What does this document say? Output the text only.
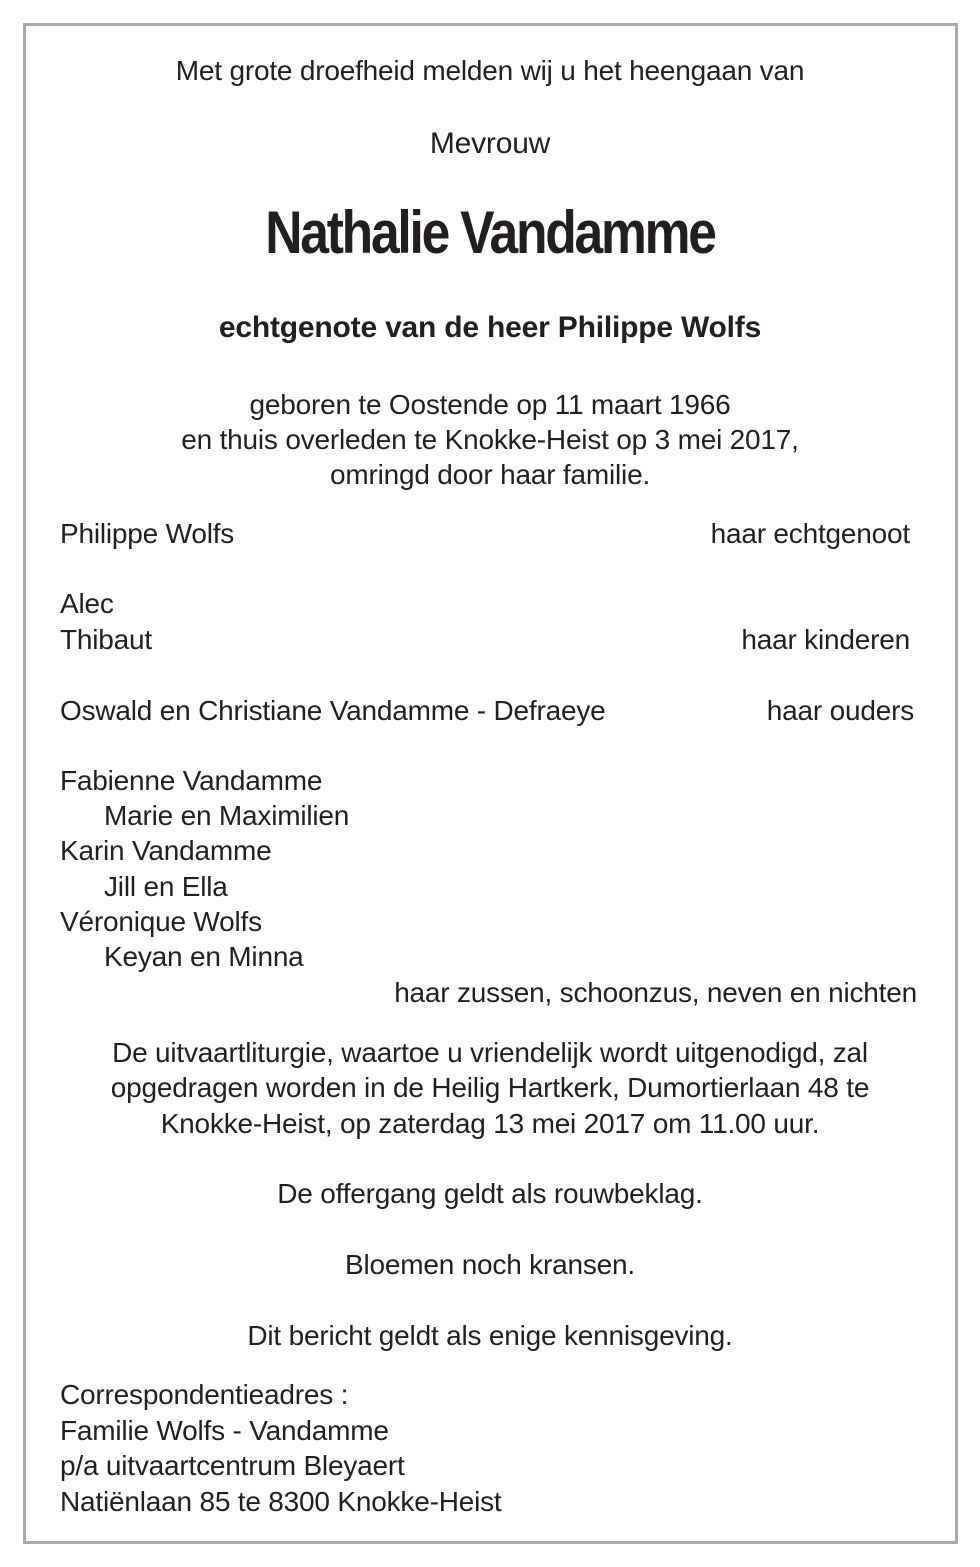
Met grote droefheid melden wij u het heengaan van
Mevrouw
Nathalie Vandamme
echtgenote van de heer Philippe Wolfs
geboren te Oostende op 11 maart 1966
en thuis overleden te Knokke-Heist op 3 mei 2017,
omringd door haar familie.
Philippe Wolfs	haar echtgenoot
Alec
Thibaut	haar kinderen
Oswald en Christiane Vandamme - Defraeye	haar ouders
Fabienne Vandamme
Marie en Maximilien
Karin Vandamme
Jill en Ella
Véronique Wolfs
Keyan en Minna
haar zussen, schoonzus, neven en nichten
De uitvaartliturgie, waartoe u vriendelijk wordt uitgenodigd, zal
opgedragen worden in de Heilig Hartkerk, Dumortierlaan 48 te
Knokke-Heist, op zaterdag 13 mei 2017 om 11.00 uur.
De offergang geldt als rouwbeklag.
Bloemen noch kransen.
Dit bericht geldt als enige kennisgeving.
Correspondentieadres :
Familie Wolfs - Vandamme
p/a uitvaartcentrum Bleyaert
Natiënlaan 85 te 8300 Knokke-Heist
